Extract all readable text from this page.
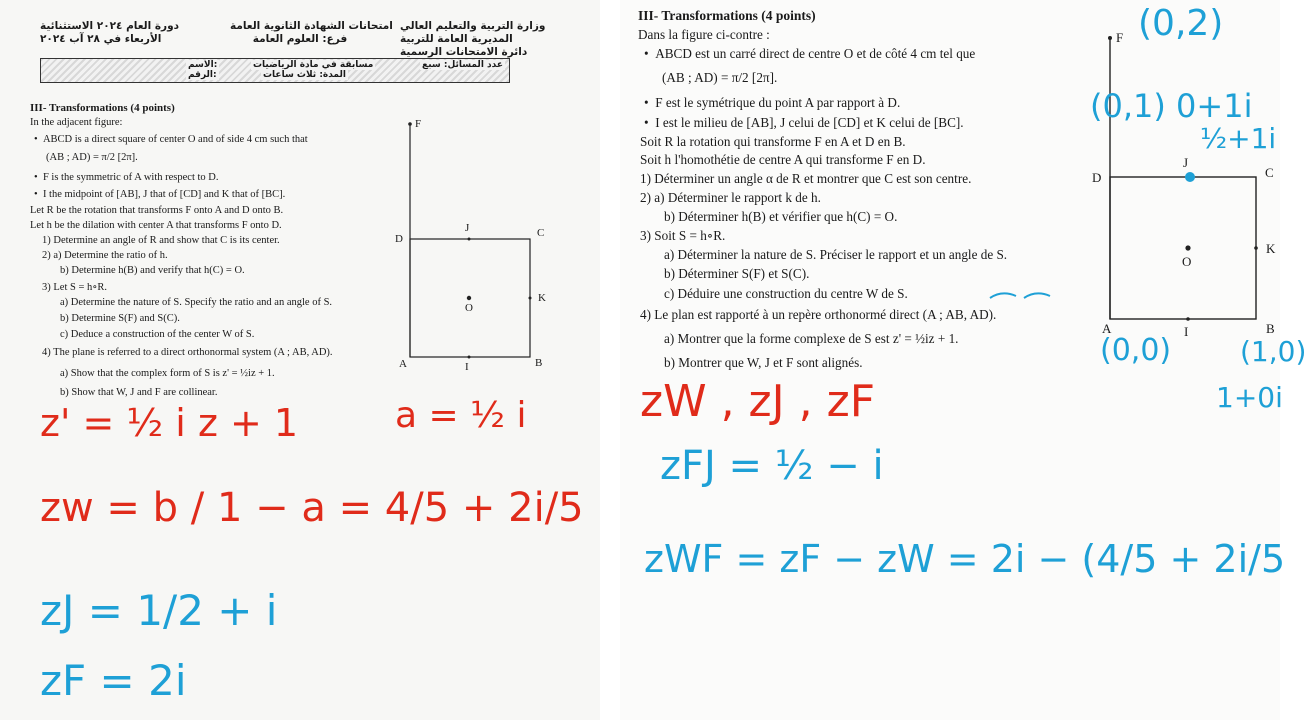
وزارة التربية والتعليم العالي
المديرية العامة للتربية
دائرة الامتحانات الرسمية
امتحانات الشهادة الثانوية العامة
فرع: العلوم العامة
دورة العام ٢٠٢٤ الاستثنائية
الأربعاء في ٢٨ آب ٢٠٢٤
عدد المسائل: سبع
مسابقة في مادة الرياضيات
المدة: ثلاث ساعات
الاسم:
الرقم:
III- Transformations (4 points)
In the adjacent figure:
•  ABCD is a direct square of center O and of side 4 cm such that
(AB ; AD) = π/2 [2π].
•  F is the symmetric of A with respect to D.
•  I the midpoint of [AB], J that of [CD] and K that of [BC].
Let R be the rotation that transforms F onto A and D onto B.
Let h be the dilation with center A that transforms F onto D.
1) Determine an angle of R and show that C is its center.
2) a) Determine the ratio of h.
b) Determine h(B) and verify that h(C) = O.
3) Let S = h∘R.
a) Determine the nature of S. Specify the ratio and an angle of S.
b) Determine S(F) and S(C).
c) Deduce a construction of the center W of S.
4) The plane is referred to a direct orthonormal system (A ; AB, AD).
a) Show that the complex form of S is z' = ½iz + 1.
b) Show that W, J and F are collinear.
F
D
J	C
O
K
A	I	B
z' = ½ i z + 1	a = ½ i
zw = b / 1 − a = 4/5 + 2i/5
zJ = 1/2 + i
zF = 2i
III- Transformations (4 points)
Dans la figure ci-contre :
•  ABCD est un carré direct de centre O et de côté 4 cm tel que
(AB ; AD) = π/2 [2π].
•  F est le symétrique du point A par rapport à D.
•  I est le milieu de [AB], J celui de [CD] et K celui de [BC].
Soit R la rotation qui transforme F en A et D en B.
Soit h l'homothétie de centre A qui transforme F en D.
1) Déterminer un angle α de R et montrer que C est son centre.
2) a) Déterminer le rapport k de h.
b) Déterminer h(B) et vérifier que h(C) = O.
3) Soit S = h∘R.
a) Déterminer la nature de S. Préciser le rapport et un angle de S.
b) Déterminer S(F) et S(C).
c) Déduire une construction du centre W de S.
4) Le plan est rapporté à un repère orthonormé direct (A ; AB, AD).
a) Montrer que la forme complexe de S est z' = ½iz + 1.
b) Montrer que W, J et F sont alignés.
F
D
J
C
O
K
A	I	B
(0,2)
(0,1) 0+1i
½+1i
(0,0) (1,0)
1+0i
zW , zJ , zF
zFJ = ½ − i
zWF = zF − zW = 2i − (4/5 + 2i/5
